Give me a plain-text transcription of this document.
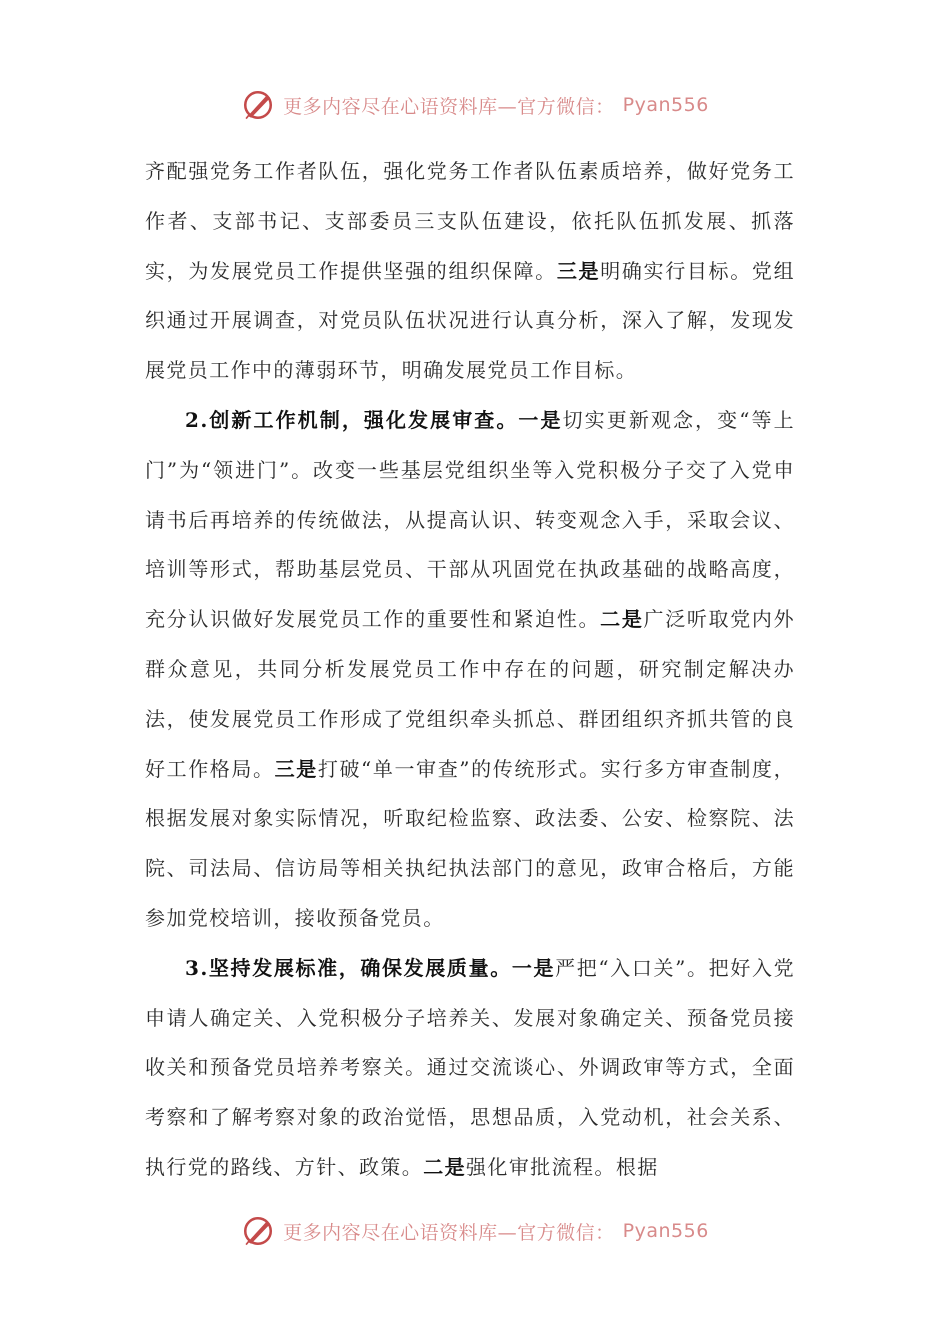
更多内容尽在心语资料库—官方微信： Pyan556

齐配强党务工作者队伍，强化党务工作者队伍素质培养，做好党务工作者、支部书记、支部委员三支队伍建设，依托队伍抓发展、抓落实，为发展党员工作提供坚强的组织保障。三是明确实行目标。党组织通过开展调查，对党员队伍状况进行认真分析，深入了解，发现发展党员工作中的薄弱环节，明确发展党员工作目标。

2.创新工作机制，强化发展审查。一是切实更新观念，变“等上门”为“领进门”。改变一些基层党组织坐等入党积极分子交了入党申请书后再培养的传统做法，从提高认识、转变观念入手，采取会议、培训等形式，帮助基层党员、干部从巩固党在执政基础的战略高度，充分认识做好发展党员工作的重要性和紧迫性。二是广泛听取党内外群众意见，共同分析发展党员工作中存在的问题，研究制定解决办法，使发展党员工作形成了党组织牵头抓总、群团组织齐抓共管的良好工作格局。三是打破“单一审查”的传统形式。实行多方审查制度，根据发展对象实际情况，听取纪检监察、政法委、公安、检察院、法院、司法局、信访局等相关执纪执法部门的意见，政审合格后，方能参加党校培训，接收预备党员。

3.坚持发展标准，确保发展质量。一是严把“入口关”。把好入党申请人确定关、入党积极分子培养关、发展对象确定关、预备党员接收关和预备党员培养考察关。通过交流谈心、外调政审等方式，全面考察和了解考察对象的政治觉悟，思想品质，入党动机，社会关系、执行党的路线、方针、政策。二是强化审批流程。根据

更多内容尽在心语资料库—官方微信： Pyan556
